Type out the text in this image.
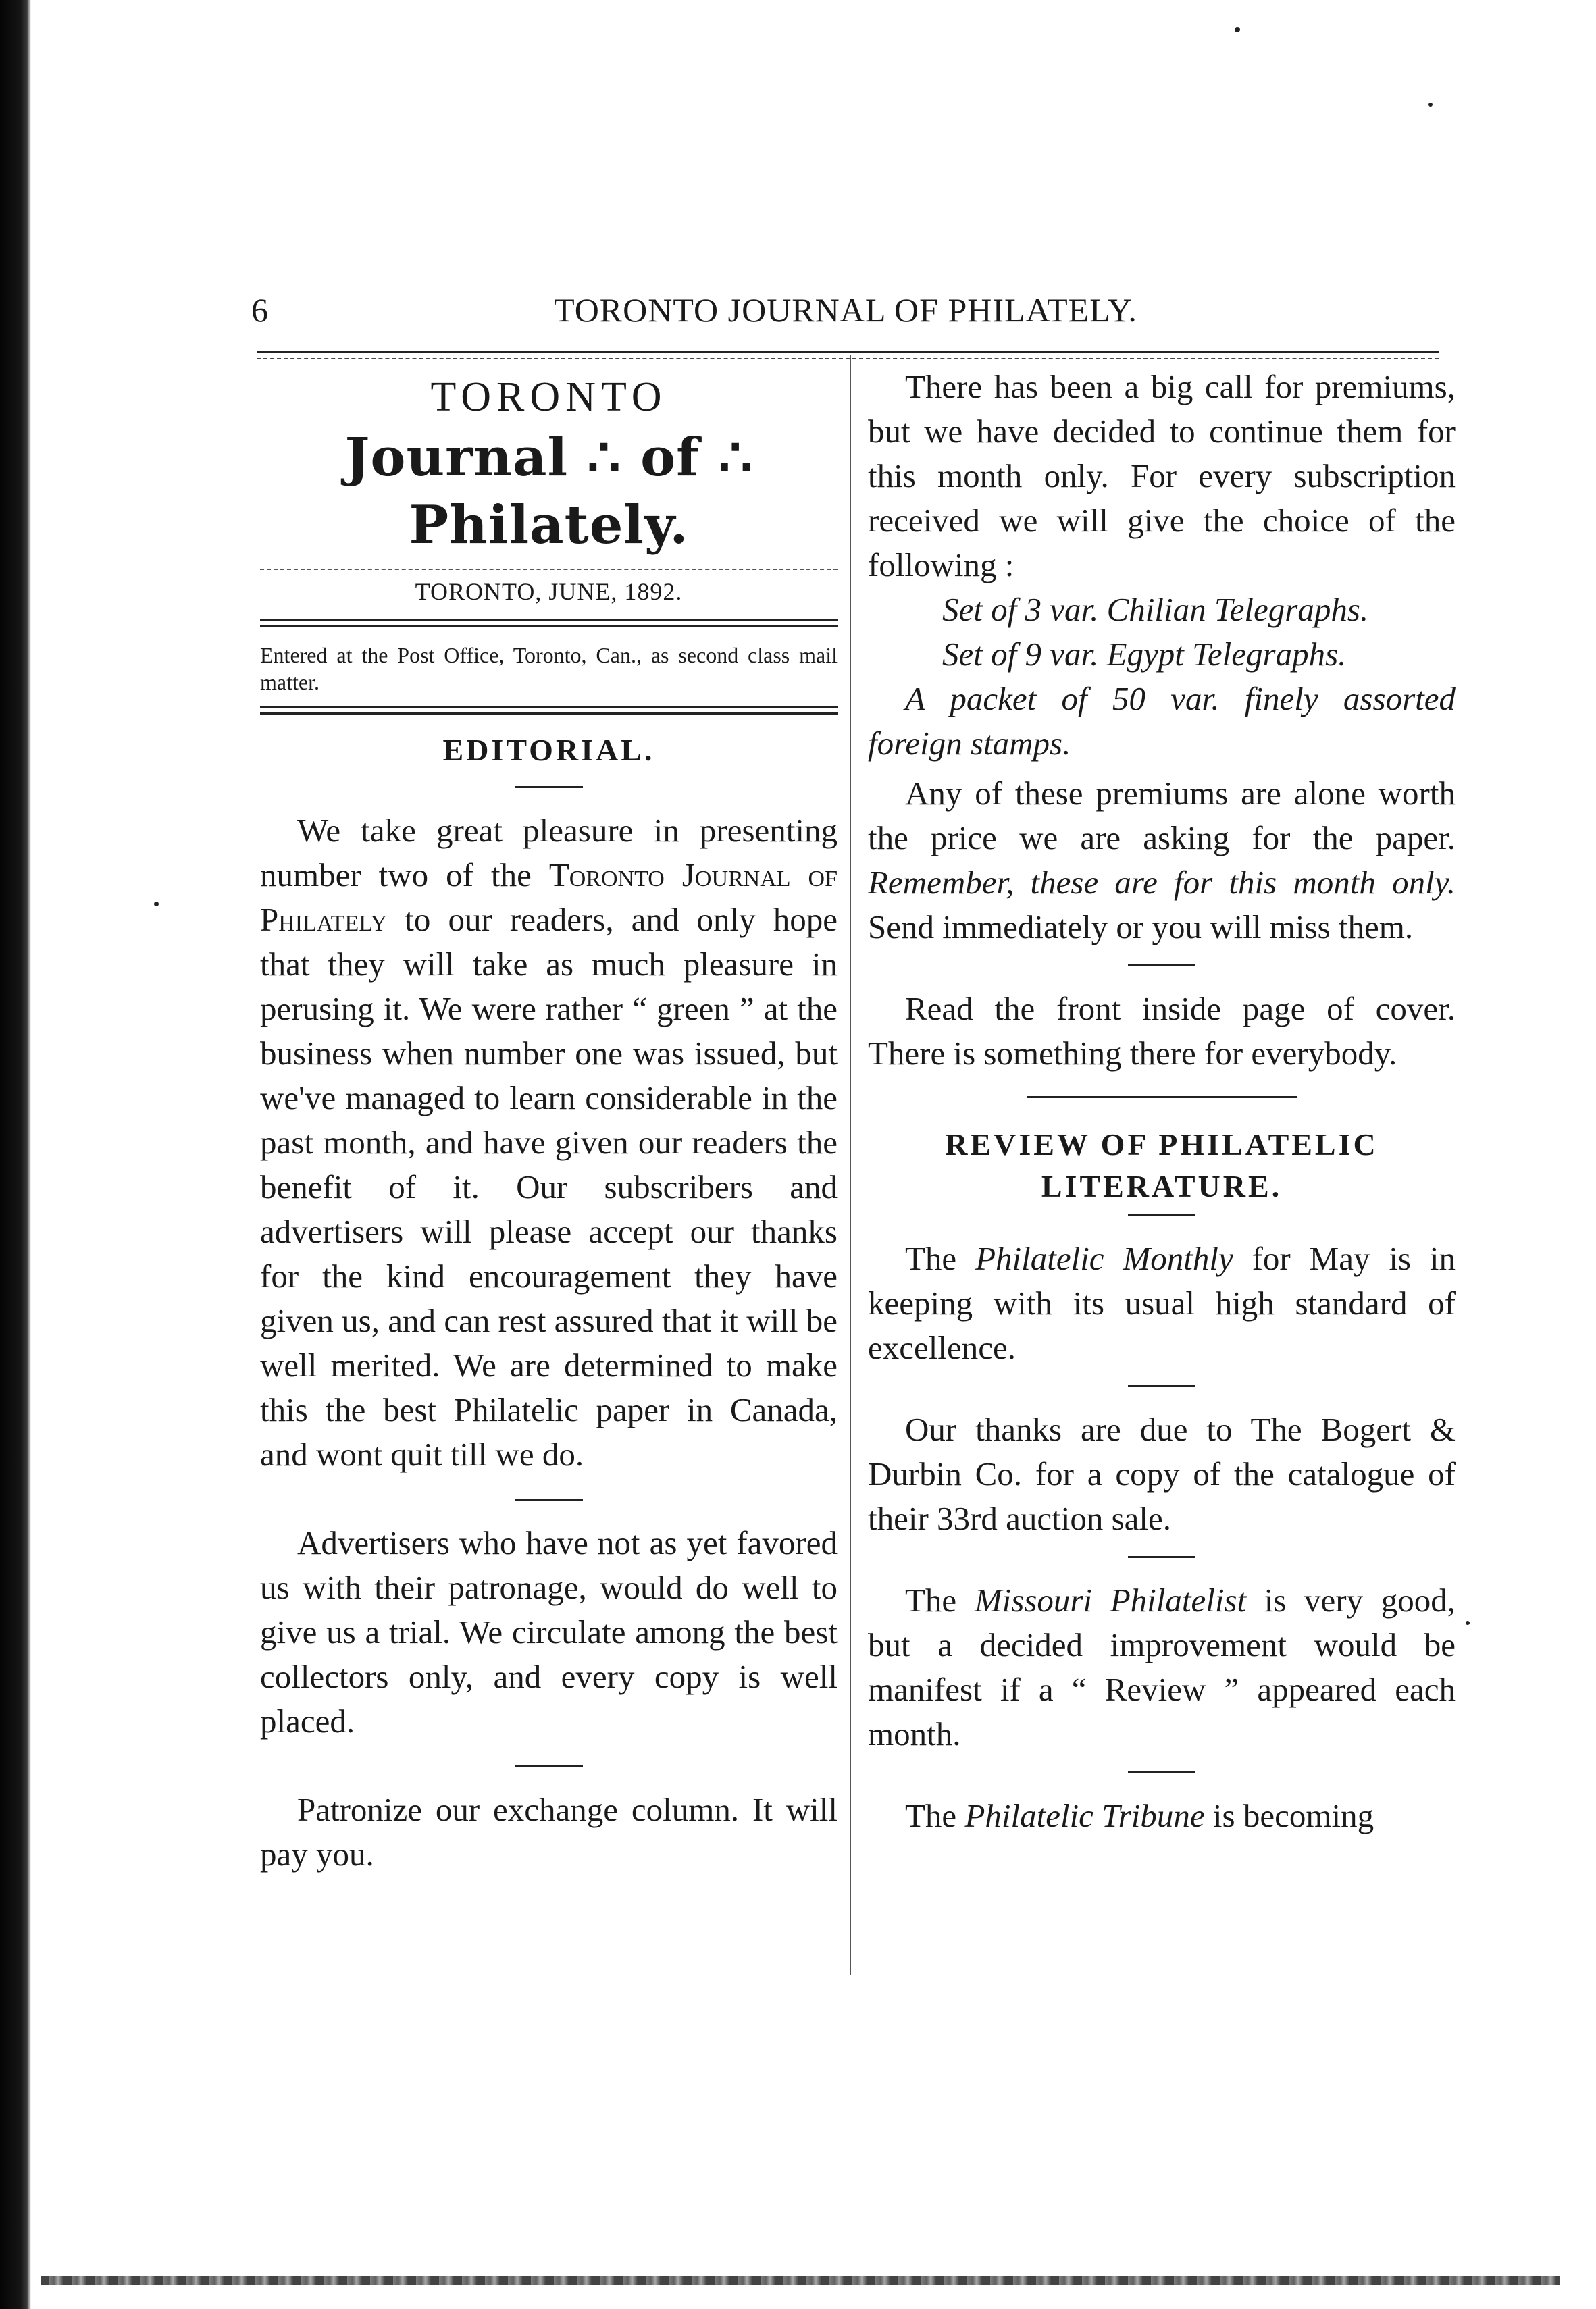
6	TORONTO JOURNAL OF PHILATELY.
TORONTO
Journal ∴ of ∴ Philately.
TORONTO, JUNE, 1892.
Entered at the Post Office, Toronto, Can., as second class mail matter.
EDITORIAL.

We take great pleasure in presenting number two of the Toronto Journal of Philately to our readers, and only hope that they will take as much pleasure in perusing it. We were rather “ green ” at the business when number one was issued, but we've managed to learn considerable in the past month, and have given our readers the benefit of it. Our subscribers and advertisers will please accept our thanks for the kind encouragement they have given us, and can rest assured that it will be well merited. We are determined to make this the best Philatelic paper in Canada, and wont quit till we do.

Advertisers who have not as yet favored us with their patronage, would do well to give us a trial. We circulate among the best collectors only, and every copy is well placed.

Patronize our exchange column. It will pay you.

There has been a big call for premiums, but we have decided to continue them for this month only. For every subscription received we will give the choice of the following :

Set of 3 var. Chilian Telegraphs.

Set of 9 var. Egypt Telegraphs.

A packet of 50 var. finely assorted foreign stamps.

Any of these premiums are alone worth the price we are asking for the paper. Remember, these are for this month only. Send immediately or you will miss them.

Read the front inside page of cover. There is something there for everybody.

REVIEW OF PHILATELIC
LITERATURE.

The Philatelic Monthly for May is in keeping with its usual high standard of excellence.

Our thanks are due to The Bogert & Durbin Co. for a copy of the catalogue of their 33rd auction sale.

The Missouri Philatelist is very good, but a decided improvement would be manifest if a “ Review ” appeared each month.

The Philatelic Tribune is becoming
